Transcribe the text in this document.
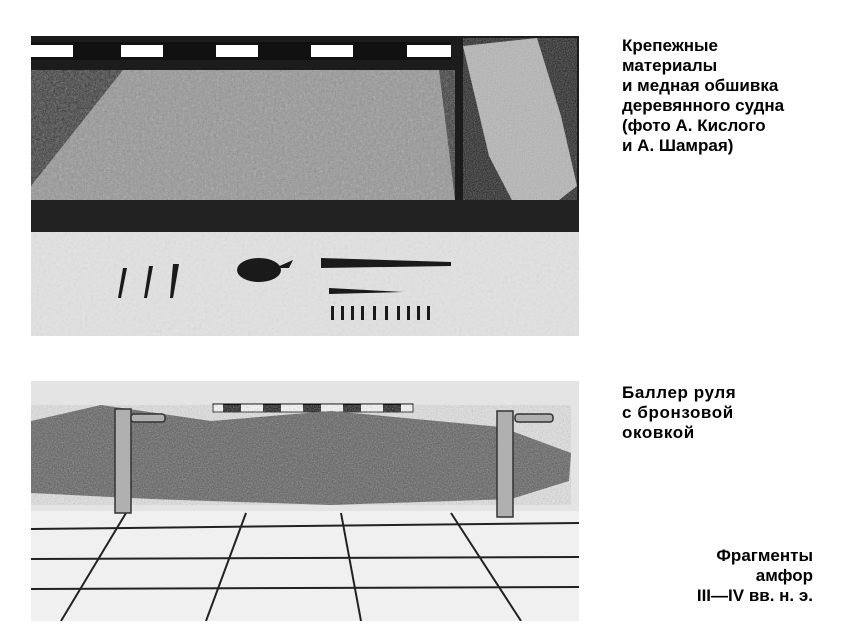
Крепежные
материалы
и медная обшивка
деревянного судна
(фото А. Кислого
и А. Шамрая)
Баллер руля
с бронзовой
оковкой
Фрагменты
амфор
III—IV вв. н. э.
